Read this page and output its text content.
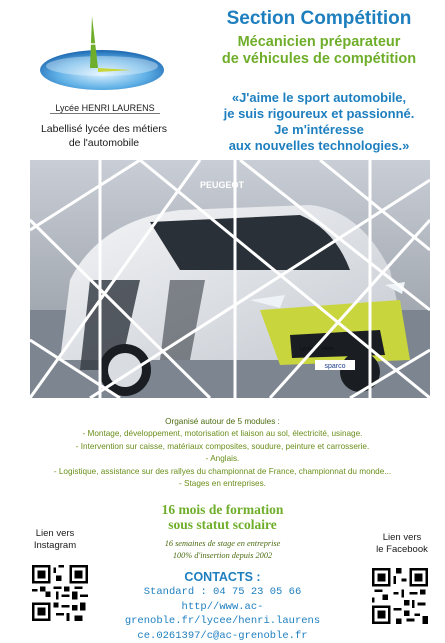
Lycée HENRI LAURENS
Labellisé lycée des métiers
de l'automobile
Section Compétition
Mécanicien préparateur
de véhicules de compétition
«J'aime le sport automobile,
je suis rigoureux et passionné.
Je m'intéresse
aux nouvelles technologies.»
sparco
PEUGEOT
Lycée St Vallier
Organisé autour de 5 modules :
- Montage, développement, motorisation et liaison au sol, électricité, usinage.
- Intervention sur caisse, matériaux composites, soudure, peinture et carrosserie.
- Anglais.
- Logistique, assistance sur des rallyes du championnat de France, championnat du monde...
- Stages en entreprises.
16 mois de formation
sous statut scolaire
16 semaines de stage en entreprise
100% d'insertion depuis 2002
CONTACTS :
Standard : 04 75 23 05 66
http//www.ac-grenoble.fr/lycee/henri.laurens
ce.0261397/c@ac-grenoble.fr
Lien vers
Instagram
Lien vers
le Facebook
